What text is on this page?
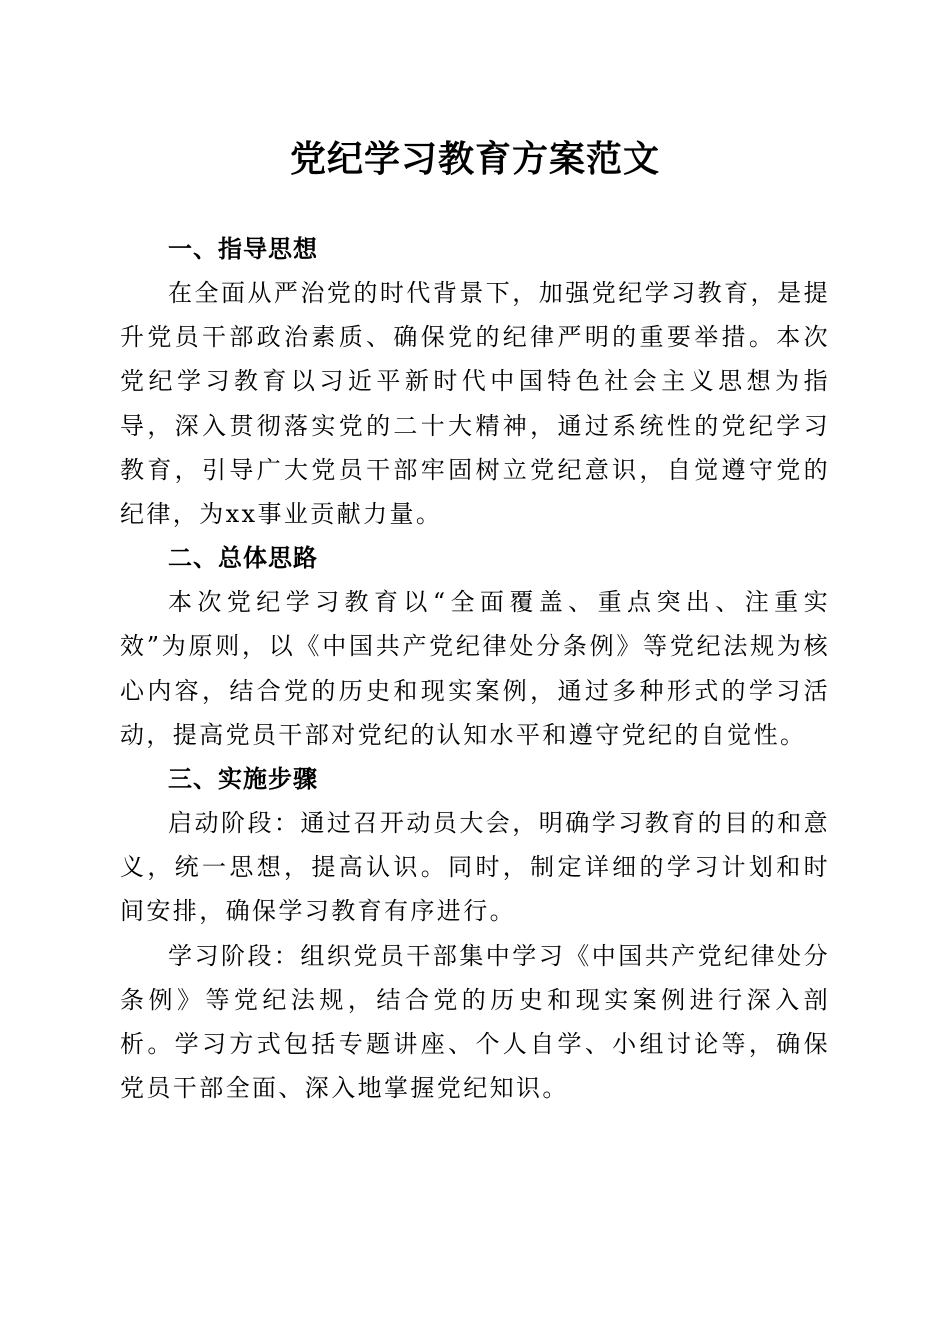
党纪学习教育方案范文
一、指导思想

在全面从严治党的时代背景下，加强党纪学习教育，是提升党员干部政治素质、确保党的纪律严明的重要举措。本次党纪学习教育以习近平新时代中国特色社会主义思想为指导，深入贯彻落实党的二十大精神，通过系统性的党纪学习教育，引导广大党员干部牢固树立党纪意识，自觉遵守党的纪律，为xx事业贡献力量。

二、总体思路

本次党纪学习教育以“全面覆盖、重点突出、注重实效”为原则，以《中国共产党纪律处分条例》等党纪法规为核心内容，结合党的历史和现实案例，通过多种形式的学习活动，提高党员干部对党纪的认知水平和遵守党纪的自觉性。

三、实施步骤

启动阶段：通过召开动员大会，明确学习教育的目的和意义，统一思想，提高认识。同时，制定详细的学习计划和时间安排，确保学习教育有序进行。

学习阶段：组织党员干部集中学习《中国共产党纪律处分条例》等党纪法规，结合党的历史和现实案例进行深入剖析。学习方式包括专题讲座、个人自学、小组讨论等，确保党员干部全面、深入地掌握党纪知识。
